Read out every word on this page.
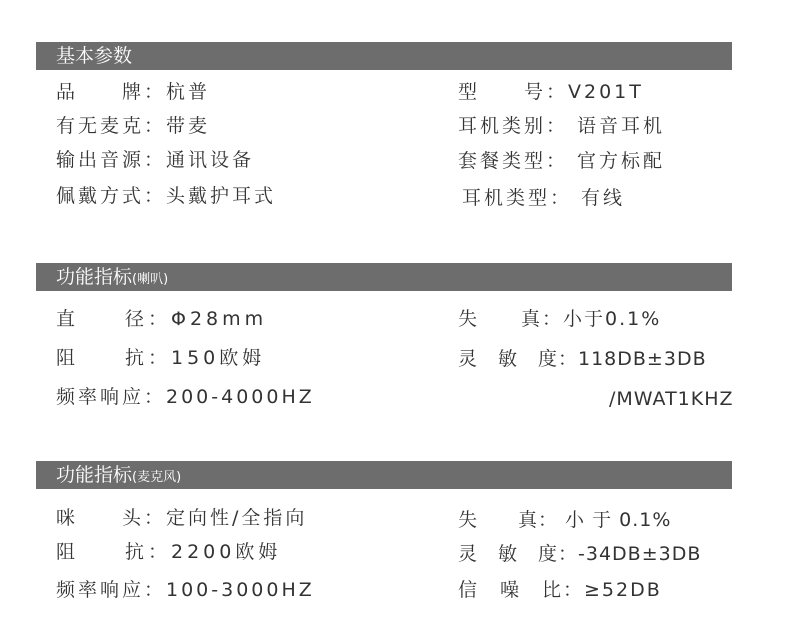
基本参数
品　　牌：杭普	型　　号：V201T
有无麦克：带麦	耳机类别： 语音耳机
输出音源：通讯设备	套餐类型： 官方标配
佩戴方式：头戴护耳式	耳机类型： 有线
功能指标(喇叭)
直　　径：Φ28mm	失　　真：小于0.1%
阻　　抗：150欧姆	灵　敏　度：118DB±3DB
频率响应：200-4000HZ	/MWAT1KHZ
功能指标(麦克风)
咪　　头：定向性/全指向	失　　真： 小 于 0.1%
阻　　抗：2200欧姆	灵　敏　度：-34DB±3DB
频率响应：100-3000HZ	信　噪　比：≥52DB
